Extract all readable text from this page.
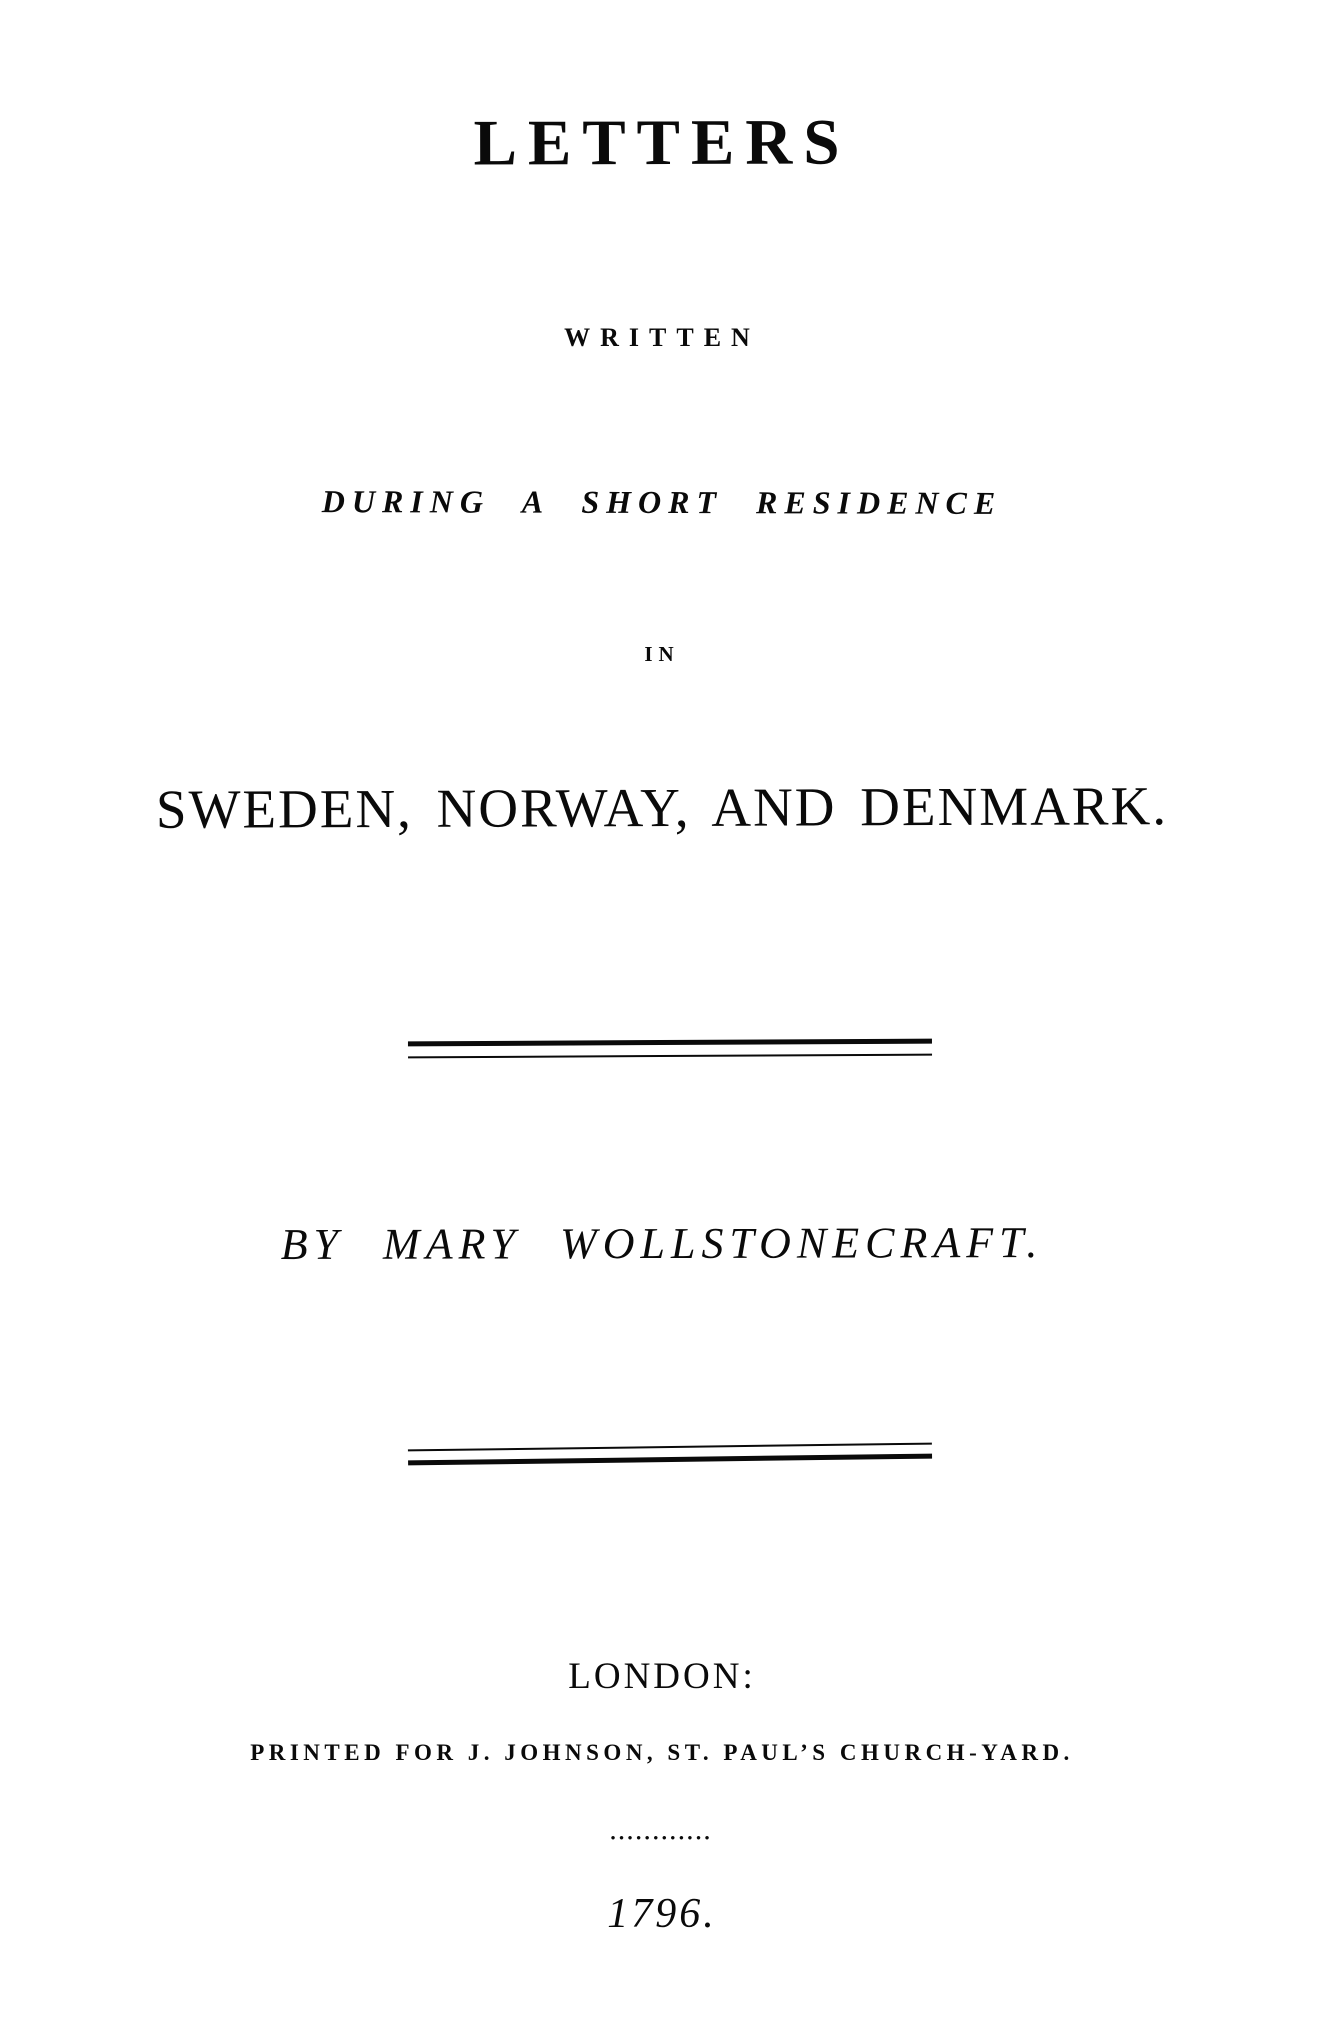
LETTERS
WRITTEN
DURING A SHORT RESIDENCE
IN
SWEDEN, NORWAY, AND DENMARK.
BY MARY WOLLSTONECRAFT.
LONDON:
PRINTED FOR J. JOHNSON, ST. PAUL’S CHURCH-YARD.
••••••••••••
1796.
